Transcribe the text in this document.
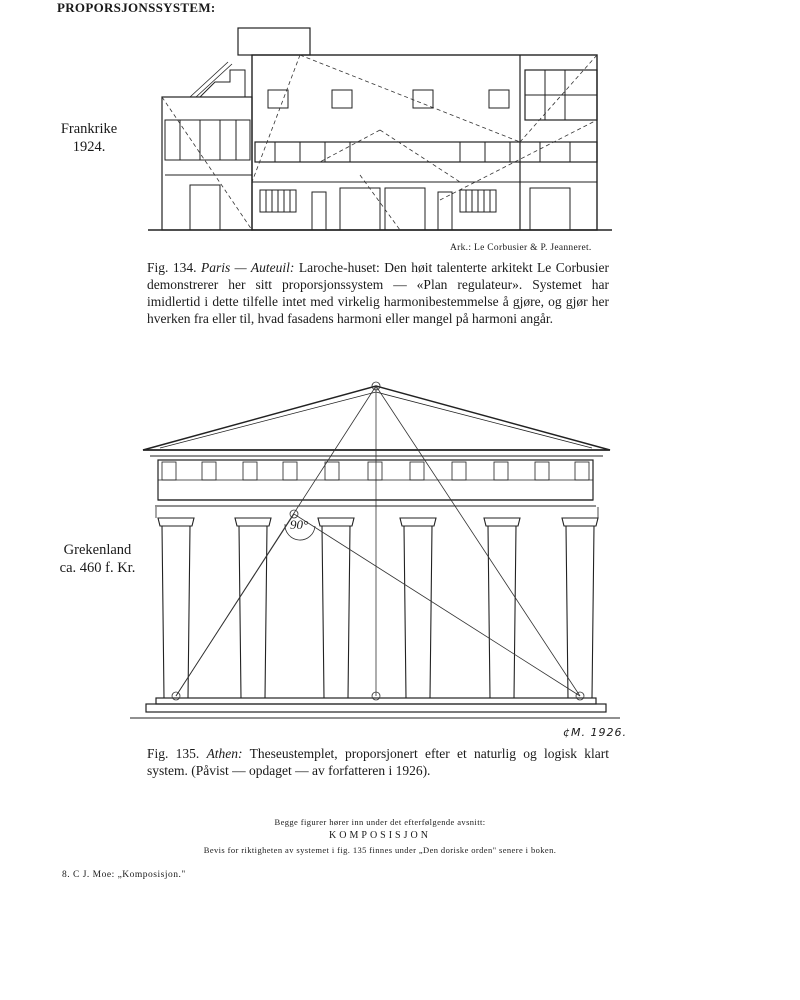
PROPORSJONSSYSTEM:
Frankrike
1924.
Ark.: Le Corbusier & P. Jeanneret.
Fig. 134. Paris — Auteuil: Laroche-huset: Den høit talenterte arkitekt Le Corbusier demonstrerer her sitt proporsjonssystem — «Plan regulateur». Systemet har imidlertid i dette tilfelle intet med virkelig harmonibestemmelse å gjøre, og gjør her hverken fra eller til, hvad fasadens harmoni eller mangel på harmoni angår.
Grekenland
ca. 460 f. Kr.
90°
¢M. 1926.
Fig. 135. Athen: Theseustemplet, proporsjonert efter et naturlig og logisk klart system. (Påvist — opdaget — av forfatteren i 1926).
Begge figurer hører inn under det efterfølgende avsnitt:
KOMPOSISJON
Bevis for riktigheten av systemet i fig. 135 finnes under „Den doriske orden" senere i boken.
8. C J. Moe: „Komposisjon."
